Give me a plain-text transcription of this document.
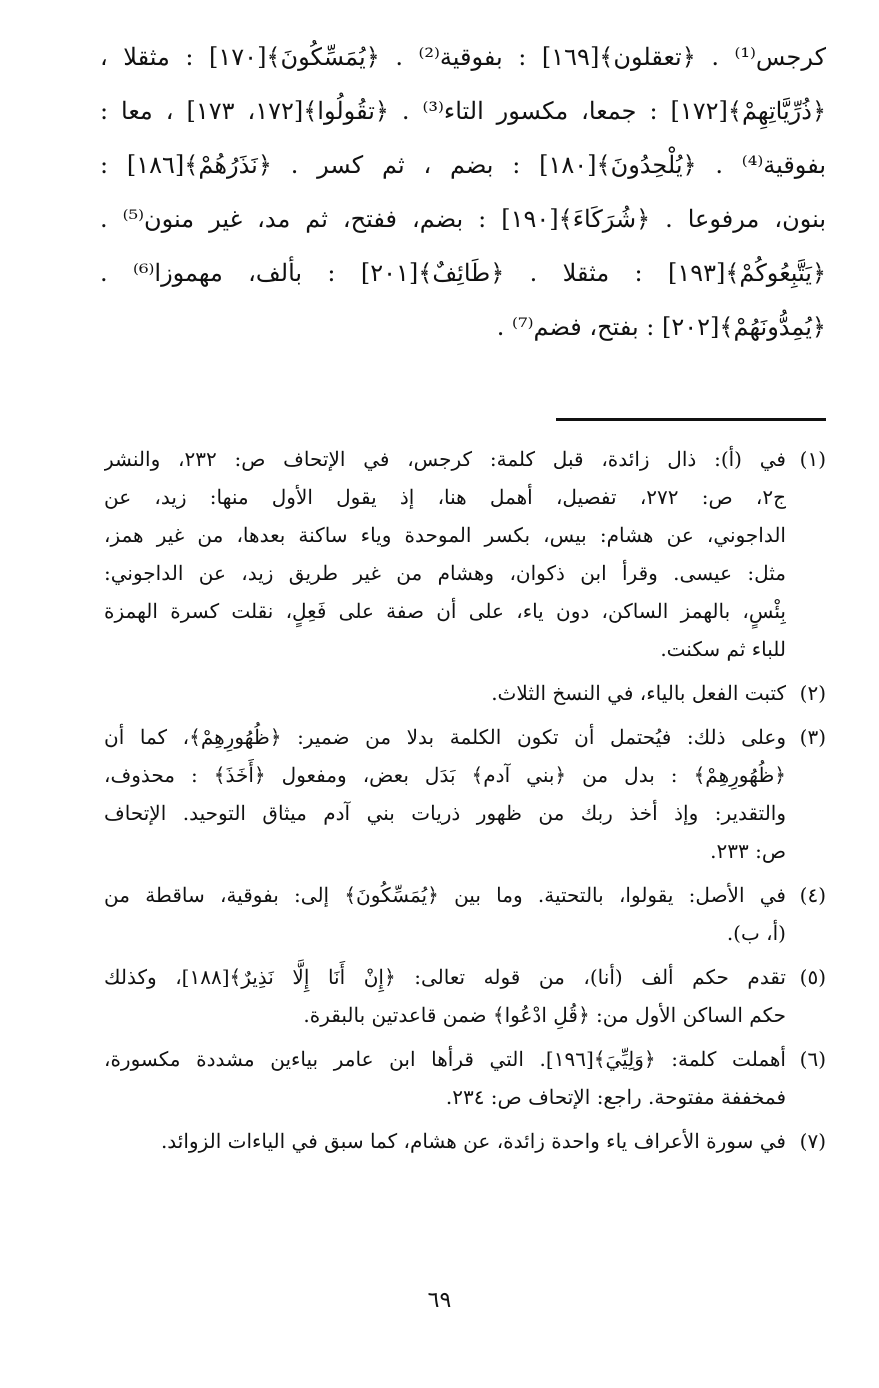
كرجس⁽¹⁾ . ﴿تعقلون﴾[١٦٩] : بفوقية⁽²⁾ . ﴿يُمَسِّكُونَ﴾[١٧٠] : مثقلا ،
﴿ذُرِّيَّاتِهِمْ﴾[١٧٢] : جمعا، مكسور التاء⁽³⁾ . ﴿تقُولُوا﴾[١٧٢، ١٧٣] ، معا :
بفوقية⁽⁴⁾ . ﴿يُلْحِدُونَ﴾[١٨٠] : بضم ، ثم كسر . ﴿نَذَرُهُمْ﴾[١٨٦] :
بنون، مرفوعا . ﴿شُرَكَاءَ﴾[١٩٠] : بضم، ففتح، ثم مد، غير منون⁽⁵⁾ .
﴿يَتَّبِعُوكُمْ﴾[١٩٣] : مثقلا . ﴿طَائِفٌ﴾[٢٠١] : بألف، مهموزا⁽⁶⁾ .
﴿يُمِدُّونَهُمْ﴾[٢٠٢] : بفتح، فضم⁽⁷⁾ .
(١)
في (أ): ذال زائدة، قبل كلمة: كرجس، في الإتحاف ص: ٢٣٢، والنشر
ج٢، ص: ٢٧٢، تفصيل، أهمل هنا، إذ يقول الأول منها: زيد، عن
الداجوني، عن هشام: بيس، بكسر الموحدة وياء ساكنة بعدها، من غير همز،
مثل: عيسى. وقرأ ابن ذكوان، وهشام من غير طريق زيد، عن الداجوني:
بِئْسٍ، بالهمز الساكن، دون ياء، على أن صفة على فَعِلٍ، نقلت كسرة الهمزة
للباء ثم سكنت.
(٢)
كتبت الفعل بالياء، في النسخ الثلاث.
(٣)
وعلى ذلك: فيُحتمل أن تكون الكلمة بدلا من ضمير: ﴿ظُهُورِهِمْ﴾، كما أن
﴿ظُهُورِهِمْ﴾ : بدل من ﴿بني آدم﴾ بَدَل بعض، ومفعول ﴿أَخَذَ﴾ : محذوف،
والتقدير: وإذ أخذ ربك من ظهور ذريات بني آدم ميثاق التوحيد. الإتحاف
ص: ٢٣٣.
(٤)
في الأصل: يقولوا، بالتحتية. وما بين ﴿يُمَسِّكُونَ﴾ إلى: بفوقية، ساقطة من
(أ، ب).
(٥)
تقدم حكم ألف (أنا)، من قوله تعالى: ﴿إِنْ أَنَا إِلَّا نَذِيرٌ﴾[١٨٨]، وكذلك
حكم الساكن الأول من: ﴿قُلِ ادْعُوا﴾ ضمن قاعدتين بالبقرة.
(٦)
أهملت كلمة: ﴿وَلِيِّيَ﴾[١٩٦]. التي قرأها ابن عامر بياءين مشددة مكسورة،
فمخففة مفتوحة. راجع: الإتحاف ص: ٢٣٤.
(٧)
في سورة الأعراف ياء واحدة زائدة، عن هشام، كما سبق في الياءات الزوائد.
٦٩
